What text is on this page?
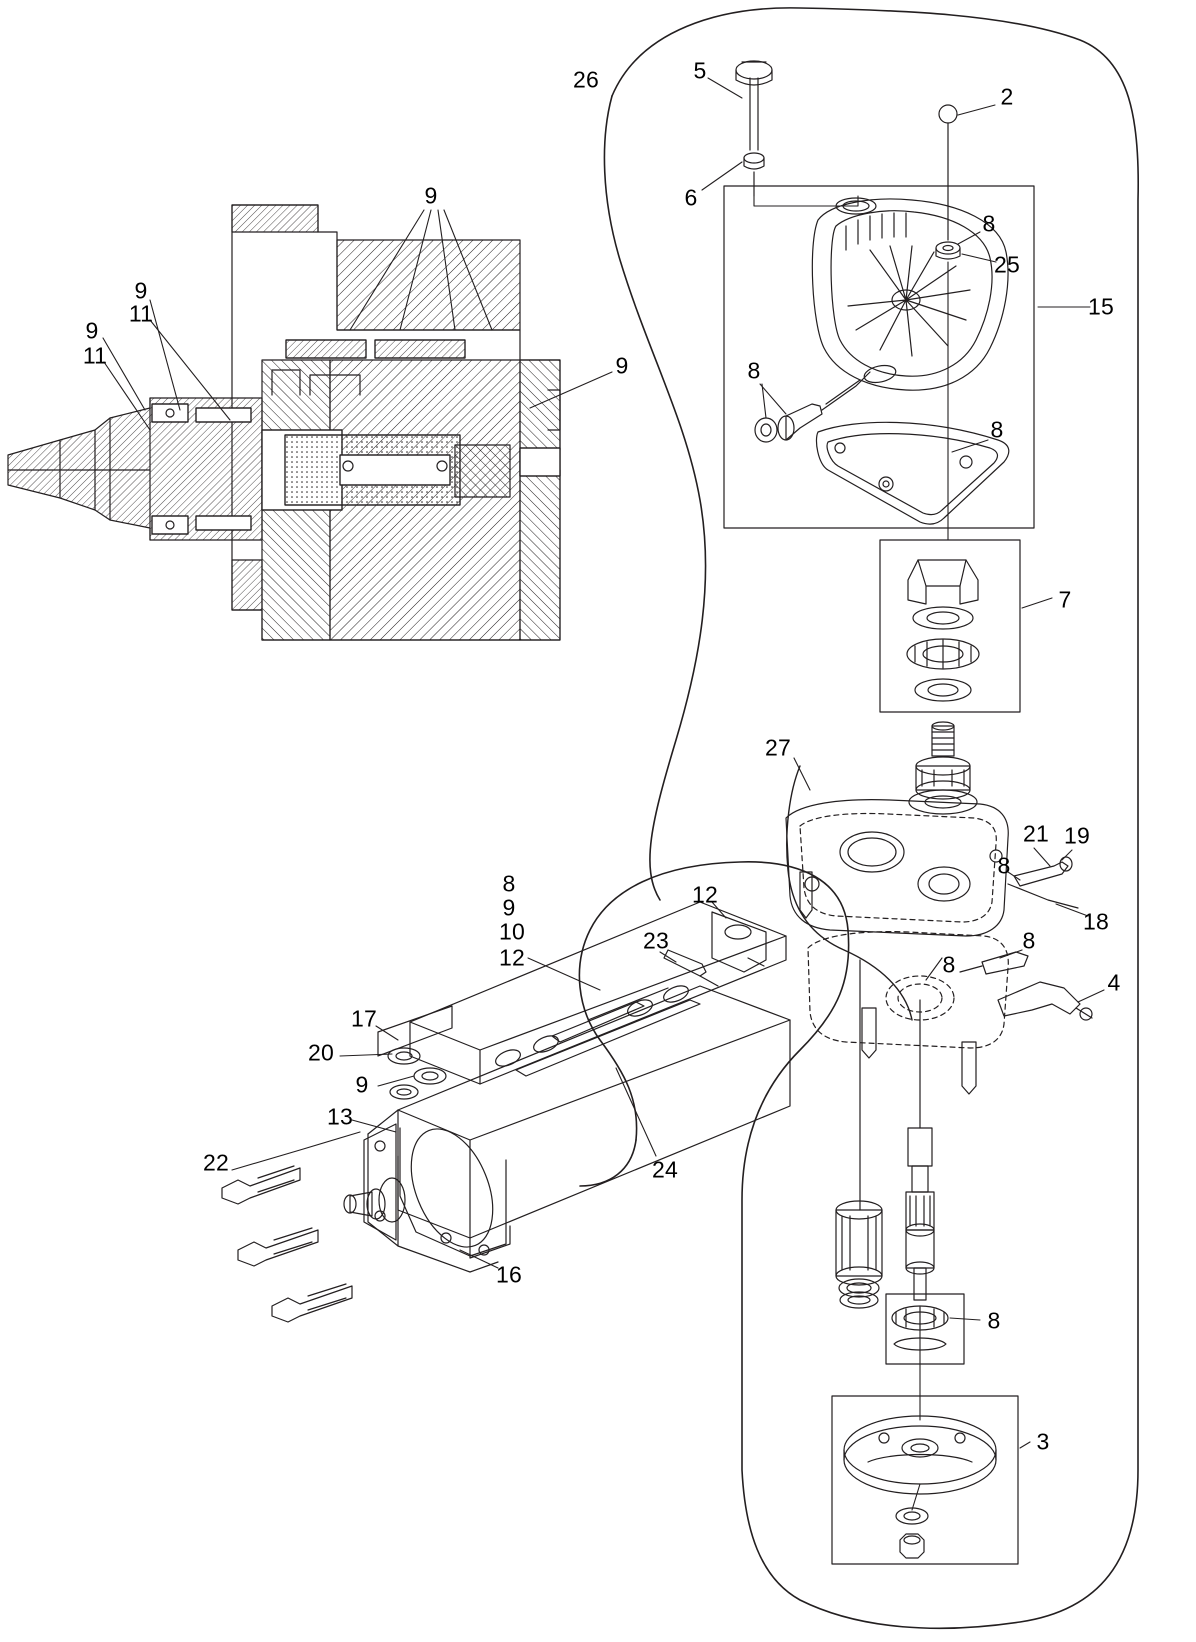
26	5
2
6
8
25
15
9
9
11
9
11	9	8
8
7
27
21 19
8
18
8	12
9
10
12
23	8
8
4
17
20
9
13
22	24
16
8
3
